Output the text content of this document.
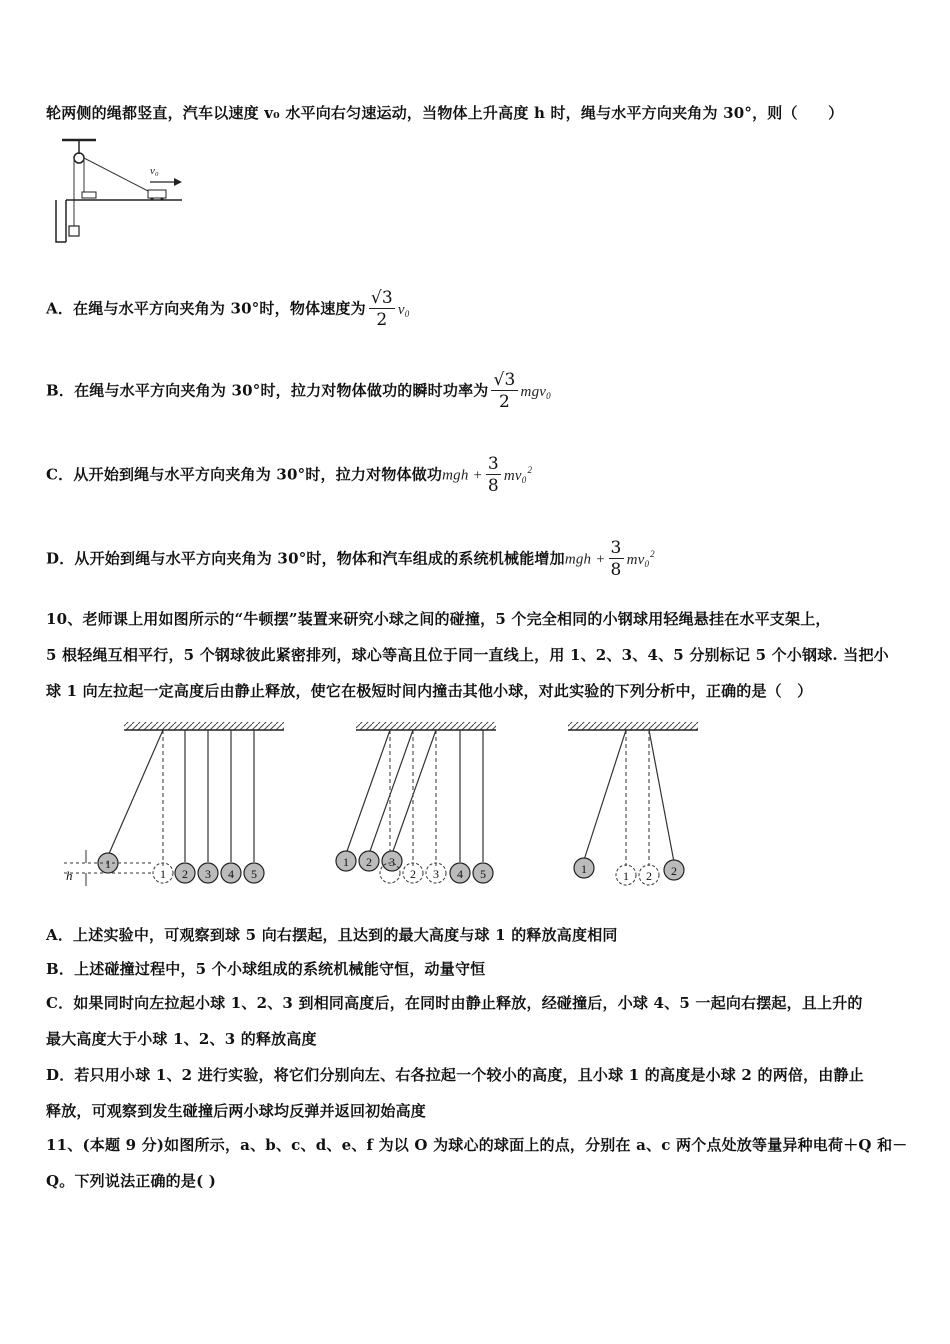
轮两侧的绳都竖直，汽车以速度 v₀ 水平向右匀速运动，当物体上升高度 h 时，绳与水平方向夹角为 30°，则（　　）
v₀
A．在绳与水平方向夹角为 30°时，物体速度为 $\frac{√3}{2} v_0$
B．在绳与水平方向夹角为 30°时，拉力对物体做功的瞬时功率为 $\frac{√3}{2} mgv_0$
C．从开始到绳与水平方向夹角为 30°时，拉力对物体做功mgh + $\frac{3}{8} mv_0^2$
D．从开始到绳与水平方向夹角为 30°时，物体和汽车组成的系统机械能增加mgh + $\frac{3}{8} mv_0^2$
10、老师课上用如图所示的“牛顿摆”装置来研究小球之间的碰撞，5 个完全相同的小钢球用轻绳悬挂在水平支架上，
5 根轻绳互相平行，5 个钢球彼此紧密排列，球心等高且位于同一直线上，用 1、2、3、4、5 分别标记 5 个小钢球. 当把小
球 1 向左拉起一定高度后由静止释放，使它在极短时间内撞击其他小球，对此实验的下列分析中，正确的是（　）
1
1 2 3 4 5
h
1 2 3
2 3 4 5	1	1 2 2
A．上述实验中，可观察到球 5 向右摆起，且达到的最大高度与球 1 的释放高度相同
B．上述碰撞过程中，5 个小球组成的系统机械能守恒，动量守恒
C．如果同时向左拉起小球 1、2、3 到相同高度后，在同时由静止释放，经碰撞后，小球 4、5 一起向右摆起，且上升的
最大高度大于小球 1、2、3 的释放高度
D．若只用小球 1、2 进行实验，将它们分别向左、右各拉起一个较小的高度，且小球 1 的高度是小球 2 的两倍，由静止
释放，可观察到发生碰撞后两小球均反弹并返回初始高度
11、(本题 9 分)如图所示，a、b、c、d、e、f 为以 O 为球心的球面上的点，分别在 a、c 两个点处放等量异种电荷＋Q 和－
Q。下列说法正确的是( )
